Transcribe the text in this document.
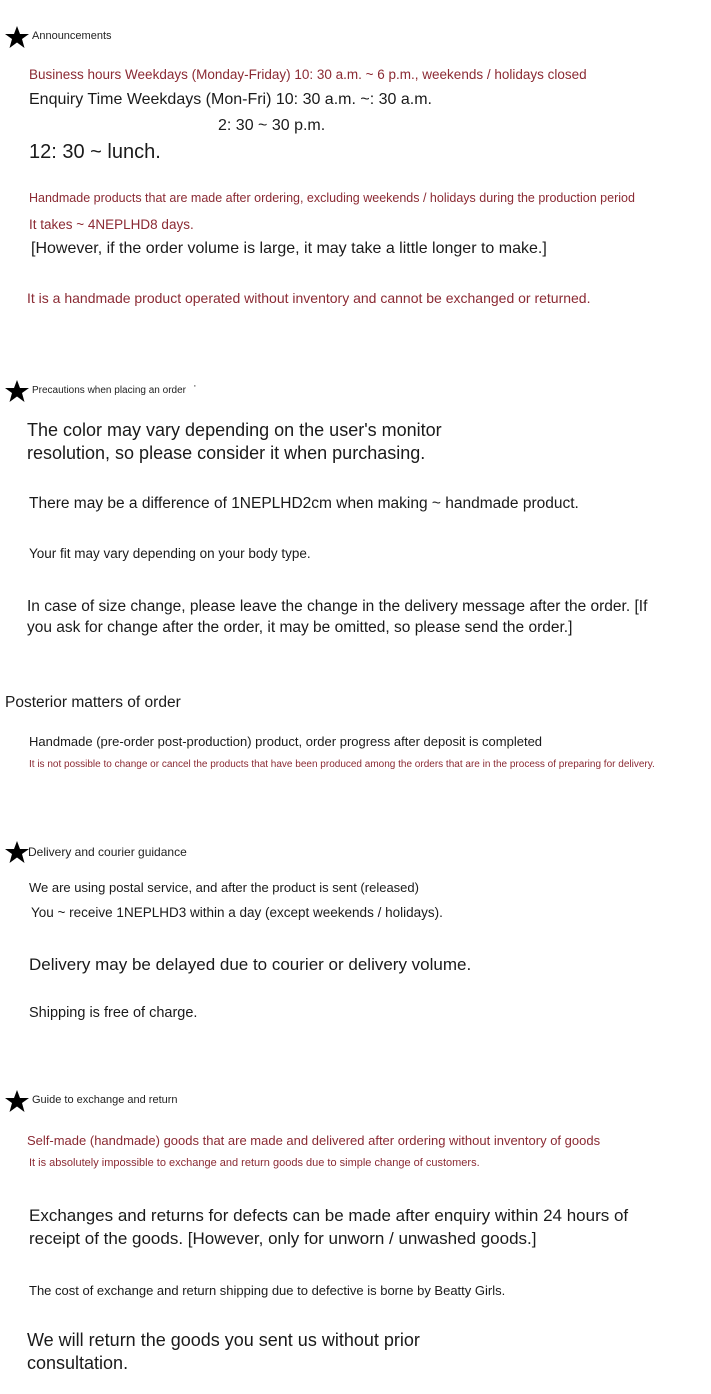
Announcements
Business hours Weekdays (Monday-Friday) 10: 30 a.m. ~ 6 p.m., weekends / holidays closed
Enquiry Time Weekdays (Mon-Fri) 10: 30 a.m. ~: 30 a.m.
2: 30 ~ 30 p.m.
12: 30 ~ lunch.
Handmade products that are made after ordering, excluding weekends / holidays during the production period
It takes ~ 4NEPLHD8 days.
[However, if the order volume is large, it may take a little longer to make.]
It is a handmade product operated without inventory and cannot be exchanged or returned.
Precautions when placing an order ·
The color may vary depending on the user's monitor
resolution, so please consider it when purchasing.
There may be a difference of 1NEPLHD2cm when making ~ handmade product.
Your fit may vary depending on your body type.
In case of size change, please leave the change in the delivery message after the order. [If
you ask for change after the order, it may be omitted, so please send the order.]
Posterior matters of order
Handmade (pre-order post-production) product, order progress after deposit is completed
It is not possible to change or cancel the products that have been produced among the orders that are in the process of preparing for delivery.
Delivery and courier guidance
We are using postal service, and after the product is sent (released)
You ~ receive 1NEPLHD3 within a day (except weekends / holidays).
Delivery may be delayed due to courier or delivery volume.
Shipping is free of charge.
Guide to exchange and return
Self-made (handmade) goods that are made and delivered after ordering without inventory of goods
It is absolutely impossible to exchange and return goods due to simple change of customers.
Exchanges and returns for defects can be made after enquiry within 24 hours of
receipt of the goods. [However, only for unworn / unwashed goods.]
The cost of exchange and return shipping due to defective is borne by Beatty Girls.
We will return the goods you sent us without prior
consultation.
